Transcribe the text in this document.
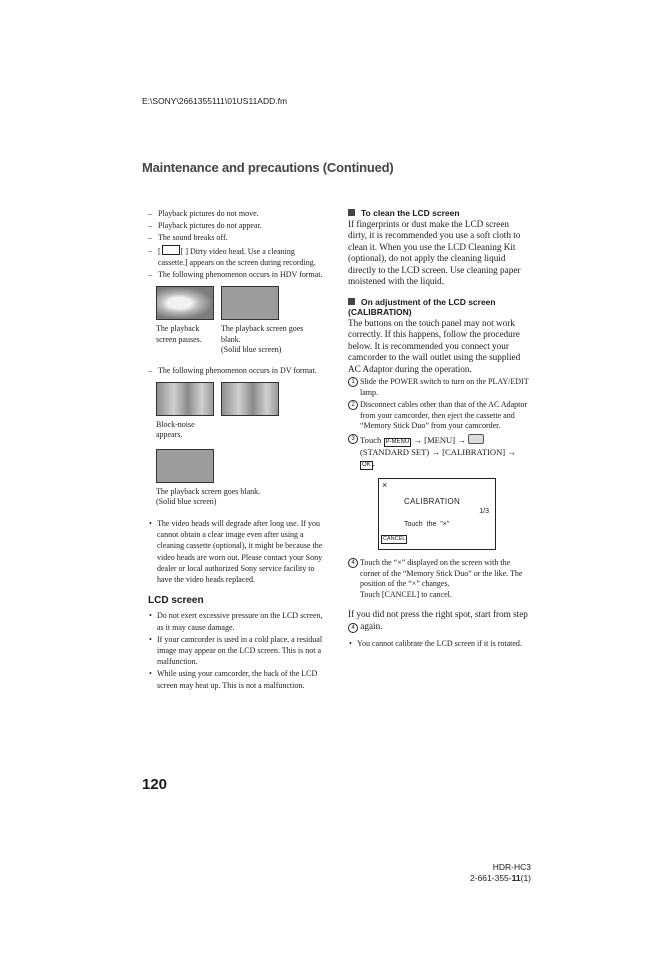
E:\SONY\2661355111\01US11ADD.fm
Maintenance and precautions (Continued)
– Playback pictures do not move.
– Playback pictures do not appear.
– The sound breaks off.
– [	[ ] Dirty video head. Use a cleaning cassette.] appears on the screen during recording.
– The following phenomenon occurs in HDV format.
The playback screen pauses.
The playback screen goes blank.
(Solid blue screen)
– The following phenomenon occurs in DV format.
Block-noise appears.
The playback screen goes blank.
(Solid blue screen)
• The video heads will degrade after long use. If you cannot obtain a clear image even after using a cleaning cassette (optional), it might be because the video heads are worn out. Please contact your Sony dealer or local authorized Sony service facility to have the video heads replaced.
LCD screen
• Do not exert excessive pressure on the LCD screen, as it may cause damage.
• If your camcorder is used in a cold place, a residual image may appear on the LCD screen. This is not a malfunction.
• While using your camcorder, the back of the LCD screen may heat up. This is not a malfunction.
To clean the LCD screen
If fingerprints or dust make the LCD screen dirty, it is recommended you use a soft cloth to clean it. When you use the LCD Cleaning Kit (optional), do not apply the cleaning liquid directly to the LCD screen. Use cleaning paper moistened with the liquid.
On adjustment of the LCD screen (CALIBRATION)
The buttons on the touch panel may not work correctly. If this happens, follow the procedure below. It is recommended you connect your camcorder to the wall outlet using the supplied AC Adaptor during the operation.
1 Slide the POWER switch to turn on the PLAY/EDIT lamp.
2 Disconnect cables other than that of the AC Adaptor from your camcorder, then eject the cassette and “Memory Stick Duo” from your camcorder.
3 Touch P-MENU → [MENU] →  (STANDARD SET) → [CALIBRATION] → OK .
×
CALIBRATION
1/3
Touch the "×"
CANCEL
4 Touch the “×” displayed on the screen with the corner of the “Memory Stick Duo” or the like. The position of the “×” changes.
Touch [CANCEL] to cancel.
If you did not press the right spot, start from step 4 again.
• You cannot calibrate the LCD screen if it is rotated.
120
HDR-HC3
2-661-355-11(1)
